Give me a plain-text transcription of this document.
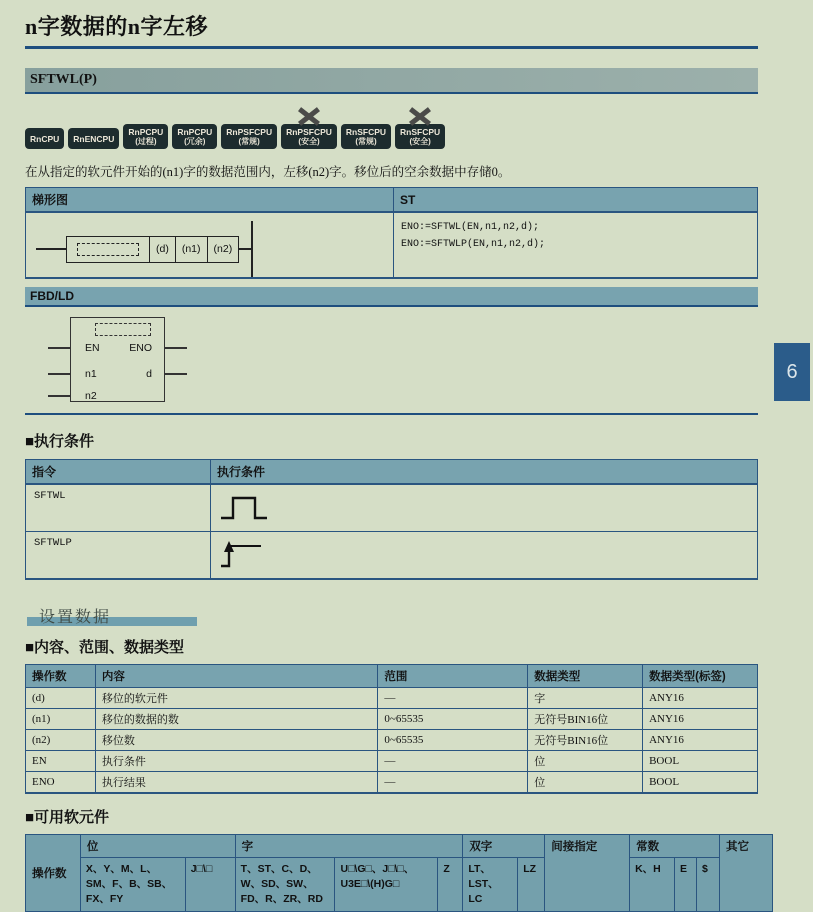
n字数据的n字左移
SFTWL(P)
RnCPU RnENCPU
RnPCPU
(过程)
RnPCPU
(冗余)
RnPSFCPU
(常规)
RnPSFCPU
(安全)
RnSFCPU
(常规)
RnSFCPU
(安全)
在从指定的软元件开始的(n1)字的数据范围内，左移(n2)字。移位后的空余数据中存储0。
梯形图	ST

(d)	(n1)	(n2)

ENO:=SFTWL(EN,n1,n2,d);
ENO:=SFTWLP(EN,n1,n2,d);
FBD/LD
EN	ENO
n1	d
n2
■执行条件
指令	执行条件
SFTWL	
SFTWLP	
设置数据
■内容、范围、数据类型
操作数	内容	范围	数据类型	数据类型(标签)
(d)	移位的软元件	—	字	ANY16
(n1)	移位的数据的数	0~65535	无符号BIN16位	ANY16
(n2)	移位数	0~65535	无符号BIN16位	ANY16
EN	执行条件	—	位	BOOL
ENO	执行结果	—	位	BOOL
■可用软元件
操作数	位		字			双字		间接指定	常数			其它
	X、Y、M、L、SM、F、B、SB、FX、FY	J□\□	T、ST、C、D、W、SD、SW、FD、R、ZR、RD	U□\G□、J□\□、U3E□\(H)G□	Z	LT、LST、LC	LZ		K、H	E	$	
6
